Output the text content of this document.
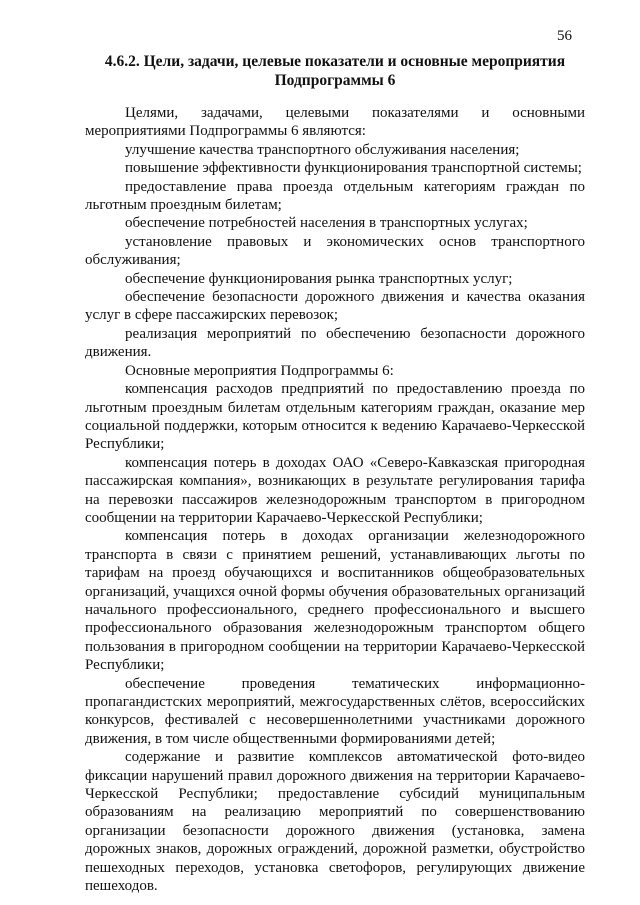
56
4.6.2. Цели, задачи, целевые показатели и основные мероприятия
Подпрограммы 6

Целями, задачами, целевыми показателями и основными мероприятиями Подпрограммы 6 являются:

улучшение качества транспортного обслуживания населения;

повышение эффективности функционирования транспортной системы;

предоставление права проезда отдельным категориям граждан по льготным проездным билетам;

обеспечение потребностей населения в транспортных услугах;

установление правовых и экономических основ транспортного обслуживания;

обеспечение функционирования рынка транспортных услуг;

обеспечение безопасности дорожного движения и качества оказания услуг в сфере пассажирских перевозок;

реализация мероприятий по обеспечению безопасности дорожного движения.

Основные мероприятия Подпрограммы 6:

компенсация расходов предприятий по предоставлению проезда по льготным проездным билетам отдельным категориям граждан, оказание мер социальной поддержки, которым относится к ведению Карачаево-Черкесской Республики;

компенсация потерь в доходах ОАО «Северо-Кавказская пригородная пассажирская компания», возникающих в результате регулирования тарифа на перевозки пассажиров железнодорожным транспортом в пригородном сообщении на территории Карачаево-Черкесской Республики;

компенсация потерь в доходах организации железнодорожного транспорта в связи с принятием решений, устанавливающих льготы по тарифам на проезд обучающихся и воспитанников общеобразовательных организаций, учащихся очной формы обучения образовательных организаций начального профессионального, среднего профессионального и высшего профессионального образования железнодорожным транспортом общего пользования в пригородном сообщении на территории Карачаево-Черкесской Республики;

обеспечение проведения тематических информационно-пропагандистских мероприятий, межгосударственных слётов, всероссийских конкурсов, фестивалей с несовершеннолетними участниками дорожного движения, в том числе общественными формированиями детей;

содержание и развитие комплексов автоматической фото-видео фиксации нарушений правил дорожного движения на территории Карачаево-Черкесской Республики; предоставление субсидий муниципальным образованиям на реализацию мероприятий по совершенствованию организации безопасности дорожного движения (установка, замена дорожных знаков, дорожных ограждений, дорожной разметки, обустройство пешеходных переходов, установка светофоров, регулирующих движение пешеходов.
